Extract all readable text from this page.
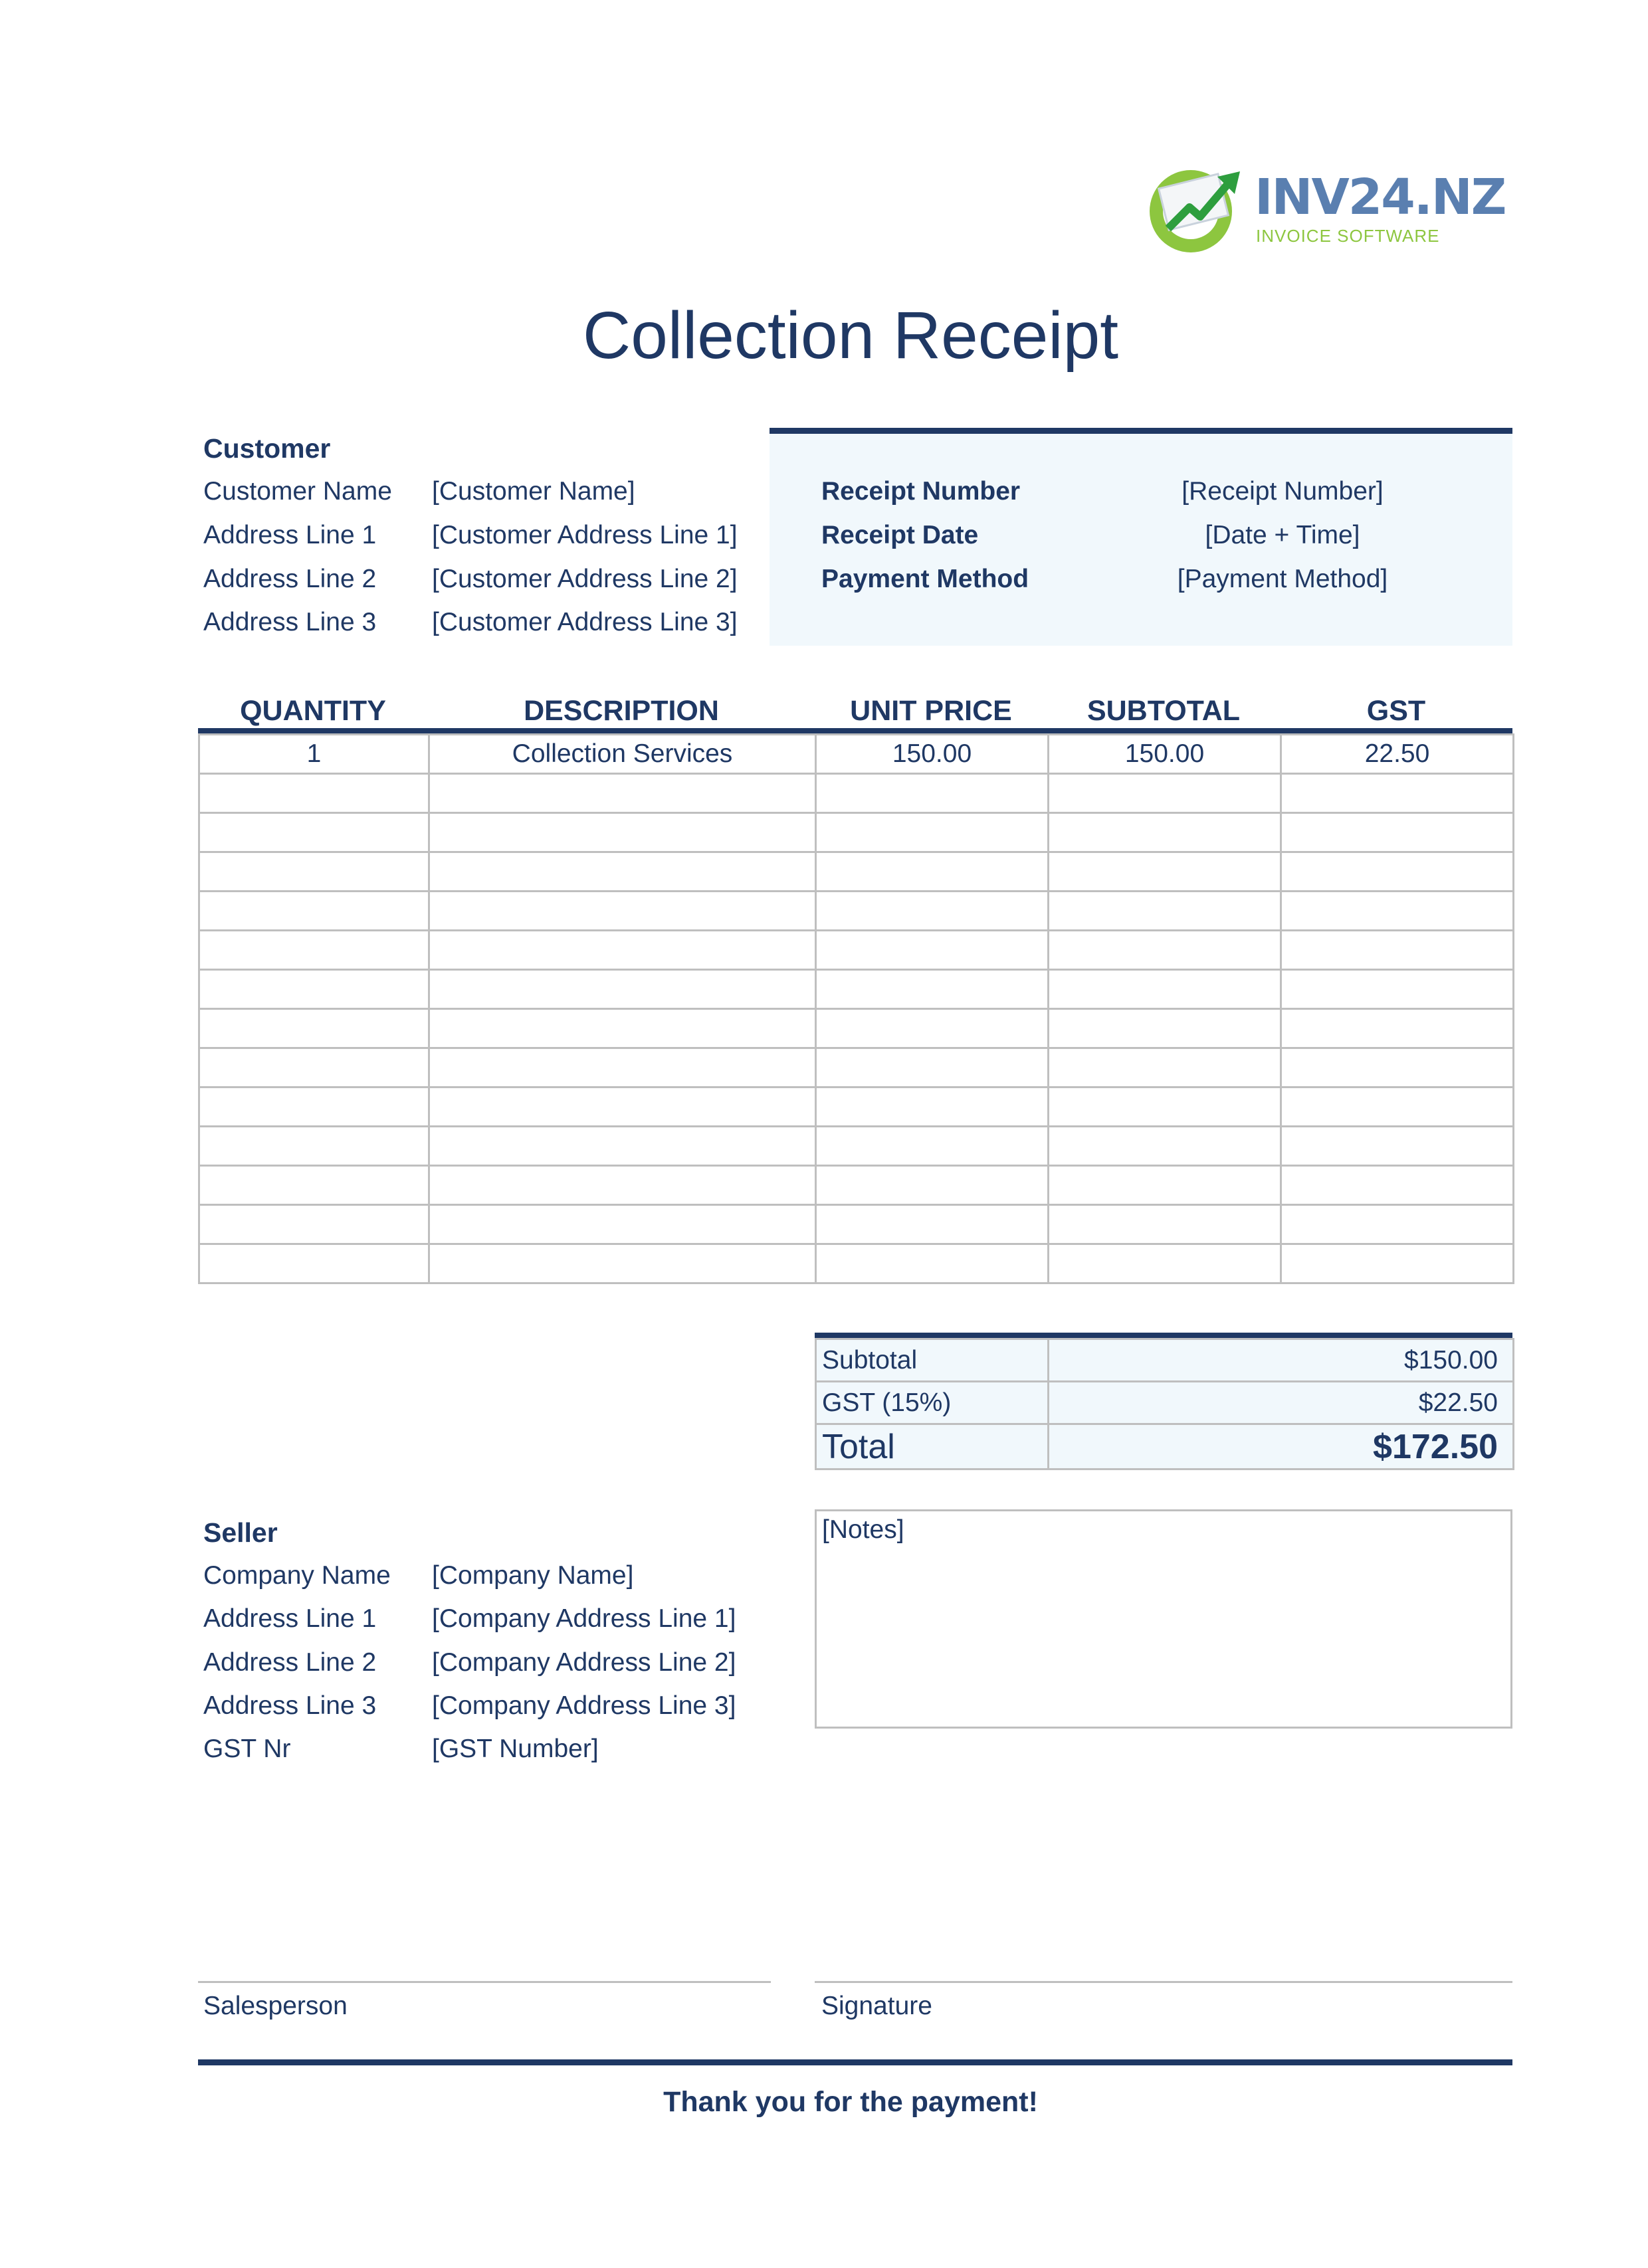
INV24.NZ
INVOICE SOFTWARE
Collection Receipt
Customer
Customer Name [Customer Name]
Address Line 1 [Customer Address Line 1]
Address Line 2 [Customer Address Line 2]
Address Line 3 [Customer Address Line 3]
Receipt Number	[Receipt Number]
Receipt Date	[Date + Time]
Payment Method	[Payment Method]
QUANTITY	DESCRIPTION	UNIT PRICE	SUBTOTAL	GST
1	Collection Services	150.00	150.00	22.50

Subtotal	$150.00
GST (15%)	$22.50
Total	$172.50
[Notes]
Seller
Company Name [Company Name]
Address Line 1 [Company Address Line 1]
Address Line 2 [Company Address Line 2]
Address Line 3 [Company Address Line 3]
GST Nr	[GST Number]
Salesperson	Signature
Thank you for the payment!
